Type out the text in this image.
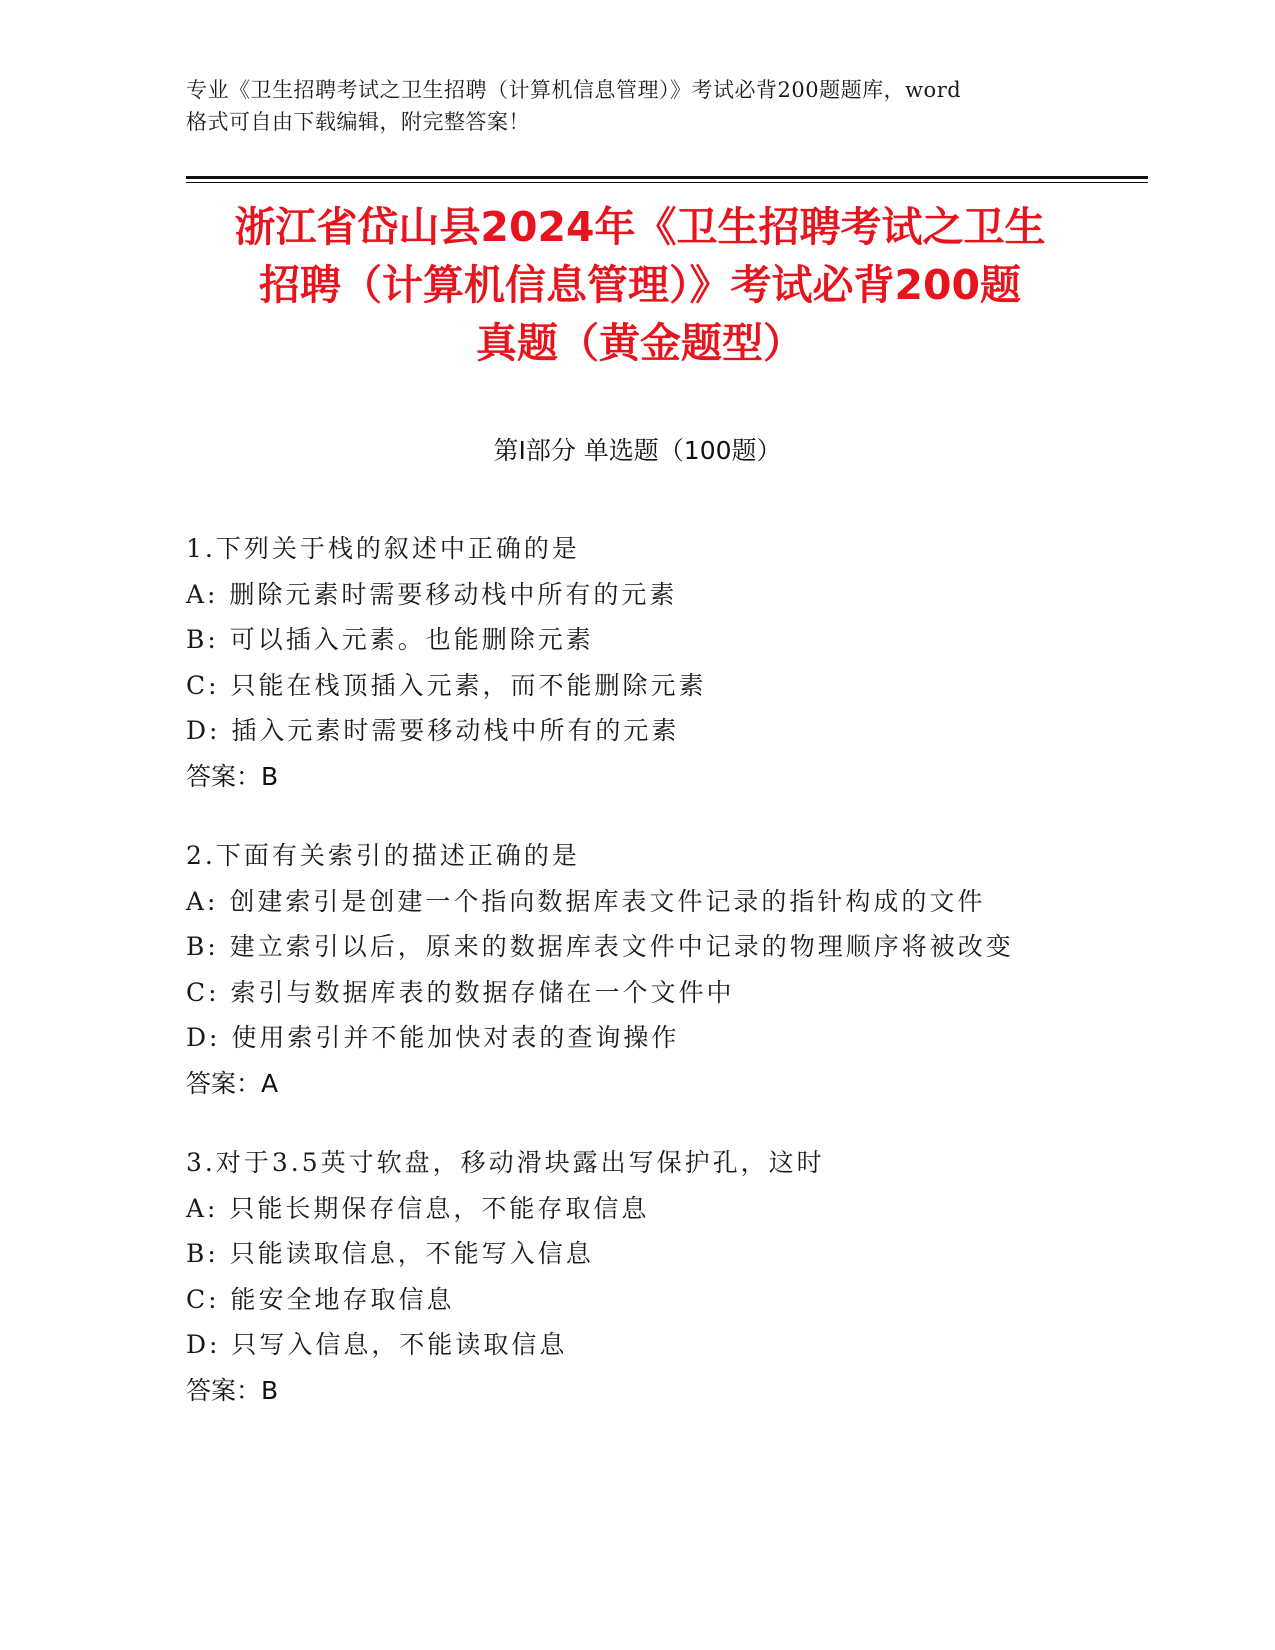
专业《卫生招聘考试之卫生招聘（计算机信息管理）》考试必背200题题库，word
格式可自由下载编辑，附完整答案！
浙江省岱山县2024年《卫生招聘考试之卫生
招聘（计算机信息管理）》考试必背200题
真题（黄金题型）
第I部分 单选题（100题）
1.下列关于栈的叙述中正确的是
A: 删除元素时需要移动栈中所有的元素
B: 可以插入元素。也能删除元素
C: 只能在栈顶插入元素，而不能删除元素
D: 插入元素时需要移动栈中所有的元素
答案：B
2.下面有关索引的描述正确的是
A: 创建索引是创建一个指向数据库表文件记录的指针构成的文件
B: 建立索引以后，原来的数据库表文件中记录的物理顺序将被改变
C: 索引与数据库表的数据存储在一个文件中
D: 使用索引并不能加快对表的查询操作
答案：A
3.对于3.5英寸软盘，移动滑块露出写保护孔，这时
A: 只能长期保存信息，不能存取信息
B: 只能读取信息，不能写入信息
C: 能安全地存取信息
D: 只写入信息，不能读取信息
答案：B
